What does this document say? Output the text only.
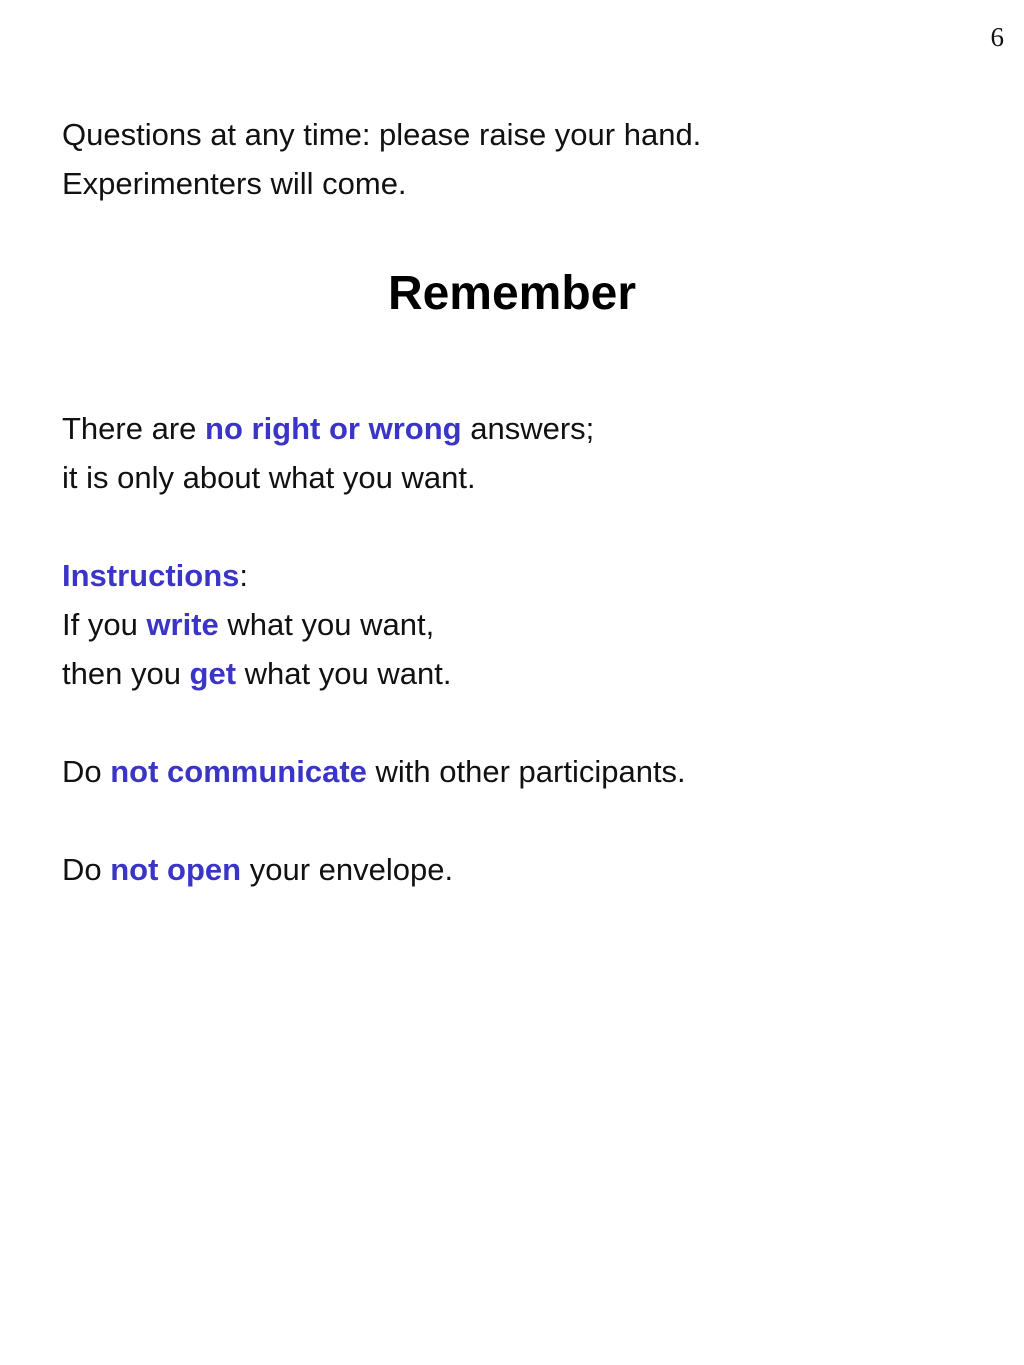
6
Questions at any time: please raise your hand.
Experimenters will come.
There are no right or wrong answers;
it is only about what you want.
Instructions:
If you write what you want,
then you get what you want.
Do not communicate with other participants.
Do not open your envelope.
Remember
